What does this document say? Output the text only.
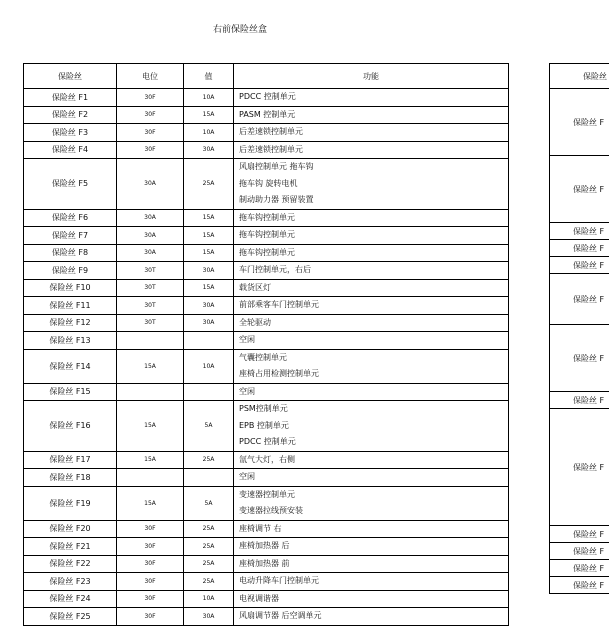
右前保险丝盒
保险丝	电位	值	功能
保险丝 F1	30F	10A	PDCC 控制单元

保险丝 F2	30F	15A	PASM 控制单元

保险丝 F3	30F	10A	后差速锁控制单元

保险丝 F4	30F	30A	后差速锁控制单元

保险丝 F5	30A	25A	风扇控制单元 拖车钩
拖车钩 旋转电机
制动助力器 预留装置

保险丝 F6	30A	15A	拖车钩控制单元

保险丝 F7	30A	15A	拖车钩控制单元

保险丝 F8	30A	15A	拖车钩控制单元

保险丝 F9	30T	30A	车门控制单元，右后

保险丝 F10	30T	15A	载货区灯

保险丝 F11	30T	30A	前部乘客车门控制单元

保险丝 F12	30T	30A	全轮驱动

保险丝 F13			空闲

保险丝 F14	15A	10A	气囊控制单元
座椅占用检测控制单元

保险丝 F15			空闲

保险丝 F16	15A	5A	PSM控制单元
EPB 控制单元
PDCC 控制单元

保险丝 F17	15A	25A	氙气大灯，右侧

保险丝 F18			空闲

保险丝 F19	15A	5A	变速器控制单元
变速器拉线预安装

保险丝 F20	30F	25A	座椅调节 右

保险丝 F21	30F	25A	座椅加热器 后

保险丝 F22	30F	25A	座椅加热器 前

保险丝 F23	30F	25A	电动升降车门控制单元

保险丝 F24	30F	10A	电视调谐器

保险丝 F25	30F	30A	风扇调节器 后空调单元
保险丝
保险丝 F
保险丝 F
保险丝 F
保险丝 F
保险丝 F
保险丝 F
保险丝 F
保险丝 F
保险丝 F
保险丝 F
保险丝 F
保险丝 F
保险丝 F
